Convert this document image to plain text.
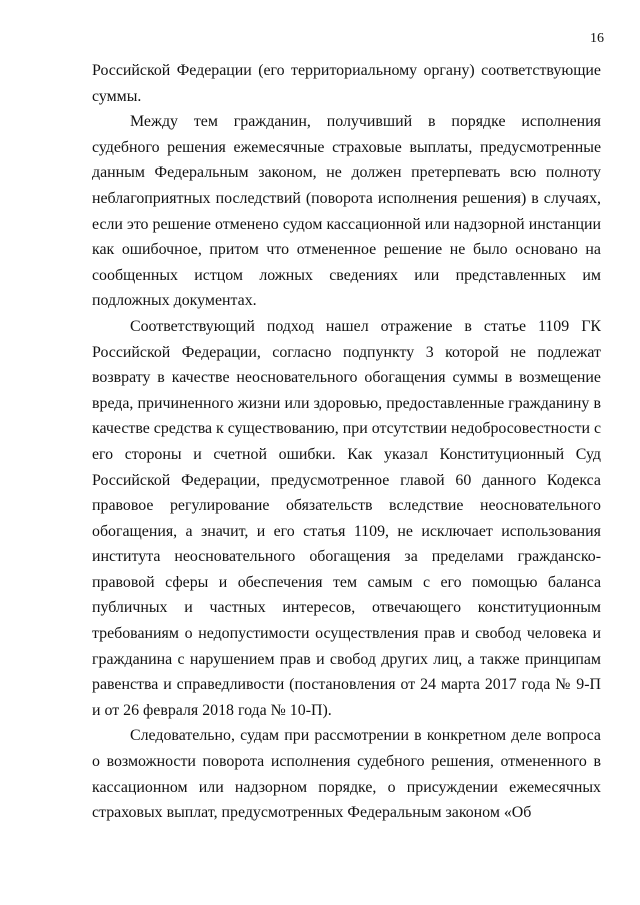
16

Российской Федерации (его территориальному органу) соответствующие суммы.

Между тем гражданин, получивший в порядке исполнения судебного решения ежемесячные страховые выплаты, предусмотренные данным Федеральным законом, не должен претерпевать всю полноту неблагоприятных последствий (поворота исполнения решения) в случаях, если это решение отменено судом кассационной или надзорной инстанции как ошибочное, притом что отмененное решение не было основано на сообщенных истцом ложных сведениях или представленных им подложных документах.

Соответствующий подход нашел отражение в статье 1109 ГК Российской Федерации, согласно подпункту 3 которой не подлежат возврату в качестве неосновательного обогащения суммы в возмещение вреда, причиненного жизни или здоровью, предоставленные гражданину в качестве средства к существованию, при отсутствии недобросовестности с его стороны и счетной ошибки. Как указал Конституционный Суд Российской Федерации, предусмотренное главой 60 данного Кодекса правовое регулирование обязательств вследствие неосновательного обогащения, а значит, и его статья 1109, не исключает использования института неосновательного обогащения за пределами гражданско-правовой сферы и обеспечения тем самым с его помощью баланса публичных и частных интересов, отвечающего конституционным требованиям о недопустимости осуществления прав и свобод человека и гражданина с нарушением прав и свобод других лиц, а также принципам равенства и справедливости (постановления от 24 марта 2017 года № 9-П и от 26 февраля 2018 года № 10-П).

Следовательно, судам при рассмотрении в конкретном деле вопроса о возможности поворота исполнения судебного решения, отмененного в кассационном или надзорном порядке, о присуждении ежемесячных страховых выплат, предусмотренных Федеральным законом «Об
